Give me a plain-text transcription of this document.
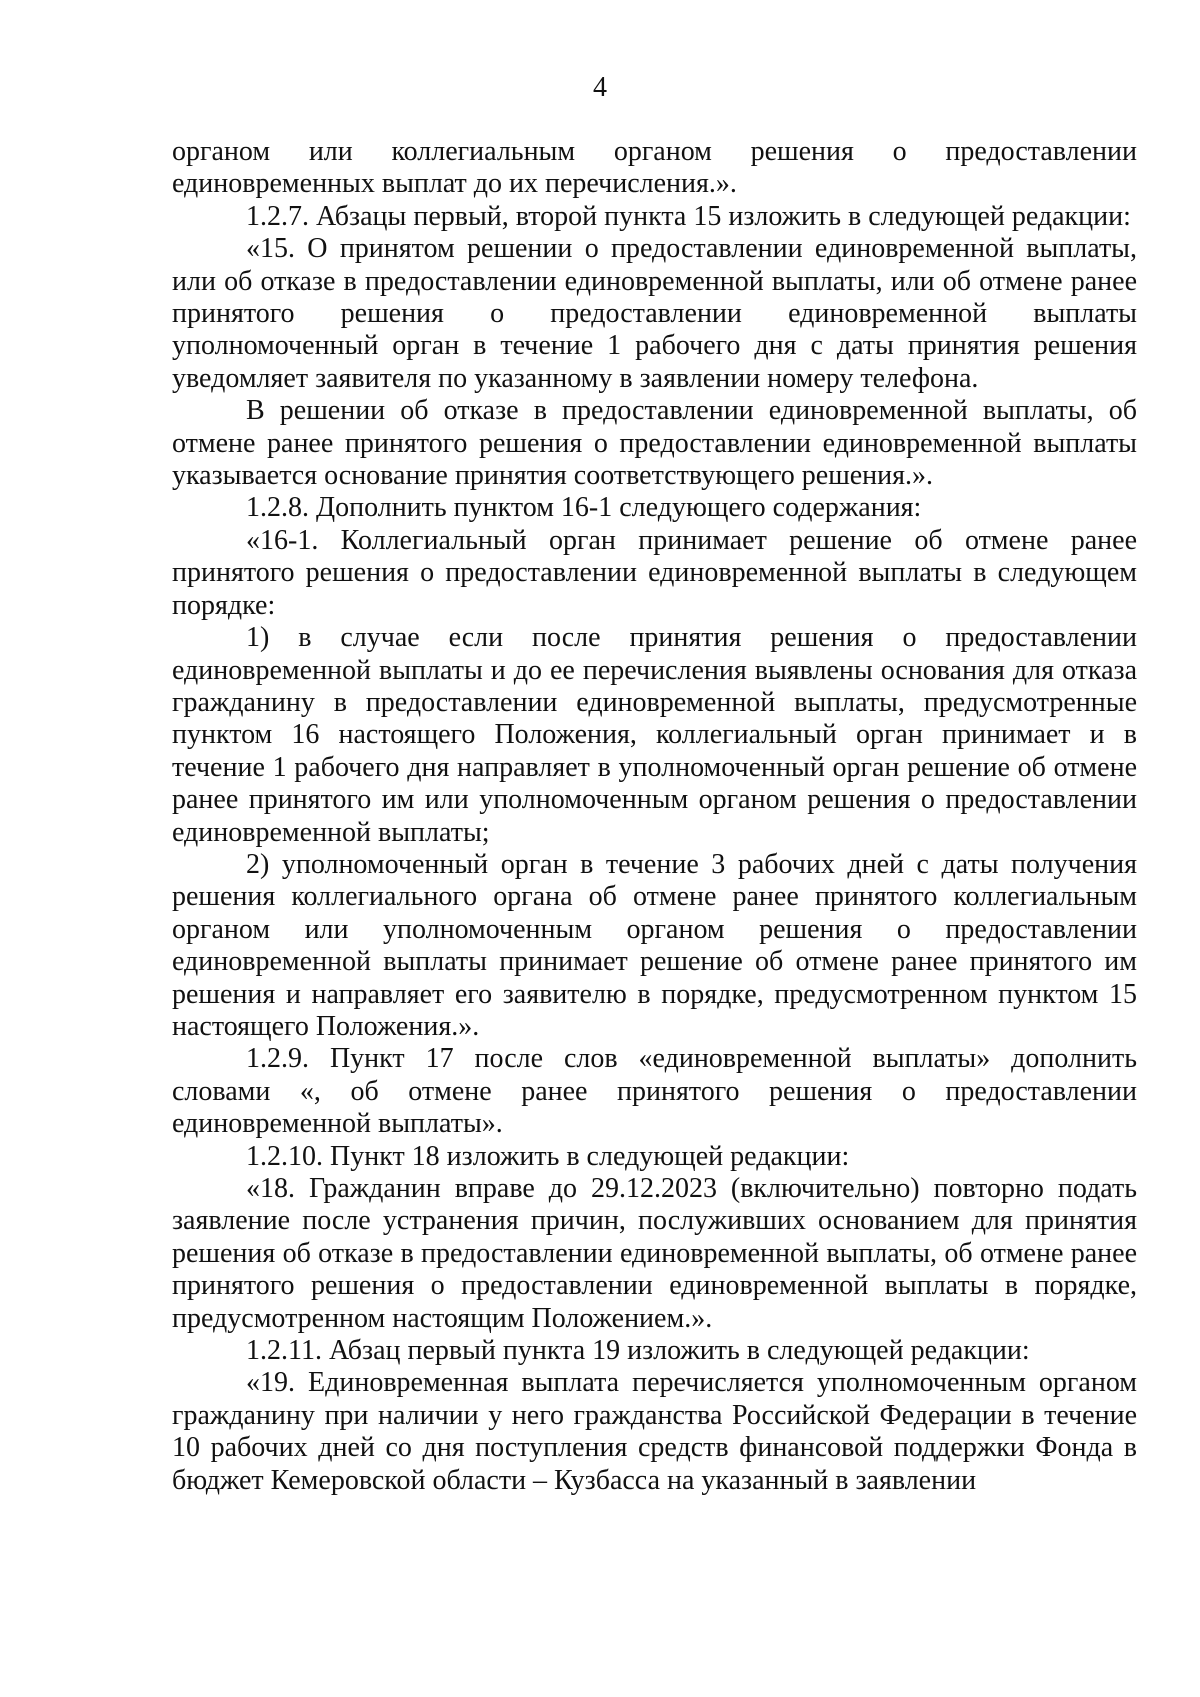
4

органом или коллегиальным органом решения о предоставлении единовременных выплат до их перечисления.».

1.2.7. Абзацы первый, второй пункта 15 изложить в следующей редакции:

«15. О принятом решении о предоставлении единовременной выплаты, или об отказе в предоставлении единовременной выплаты, или об отмене ранее принятого решения о предоставлении единовременной выплаты уполномоченный орган в течение 1 рабочего дня с даты принятия решения уведомляет заявителя по указанному в заявлении номеру телефона.

В решении об отказе в предоставлении единовременной выплаты, об отмене ранее принятого решения о предоставлении единовременной выплаты указывается основание принятия соответствующего решения.».

1.2.8. Дополнить пунктом 16-1 следующего содержания:

«16-1. Коллегиальный орган принимает решение об отмене ранее принятого решения о предоставлении единовременной выплаты в следующем порядке:

1) в случае если после принятия решения о предоставлении единовременной выплаты и до ее перечисления выявлены основания для отказа гражданину в предоставлении единовременной выплаты, предусмотренные пунктом 16 настоящего Положения, коллегиальный орган принимает и в течение 1 рабочего дня направляет в уполномоченный орган решение об отмене ранее принятого им или уполномоченным органом решения о предоставлении единовременной выплаты;

2) уполномоченный орган в течение 3 рабочих дней с даты получения решения коллегиального органа об отмене ранее принятого коллегиальным органом или уполномоченным органом решения о предоставлении единовременной выплаты принимает решение об отмене ранее принятого им решения и направляет его заявителю в порядке, предусмотренном пунктом 15 настоящего Положения.».

1.2.9. Пункт 17 после слов «единовременной выплаты» дополнить словами «, об отмене ранее принятого решения о предоставлении единовременной выплаты».

1.2.10. Пункт 18 изложить в следующей редакции:

«18. Гражданин вправе до 29.12.2023 (включительно) повторно подать заявление после устранения причин, послуживших основанием для принятия решения об отказе в предоставлении единовременной выплаты, об отмене ранее принятого решения о предоставлении единовременной выплаты в порядке, предусмотренном настоящим Положением.».

1.2.11. Абзац первый пункта 19 изложить в следующей редакции:

«19. Единовременная выплата перечисляется уполномоченным органом гражданину при наличии у него гражданства Российской Федерации в течение 10 рабочих дней со дня поступления средств финансовой поддержки Фонда в бюджет Кемеровской области – Кузбасса на указанный в заявлении
